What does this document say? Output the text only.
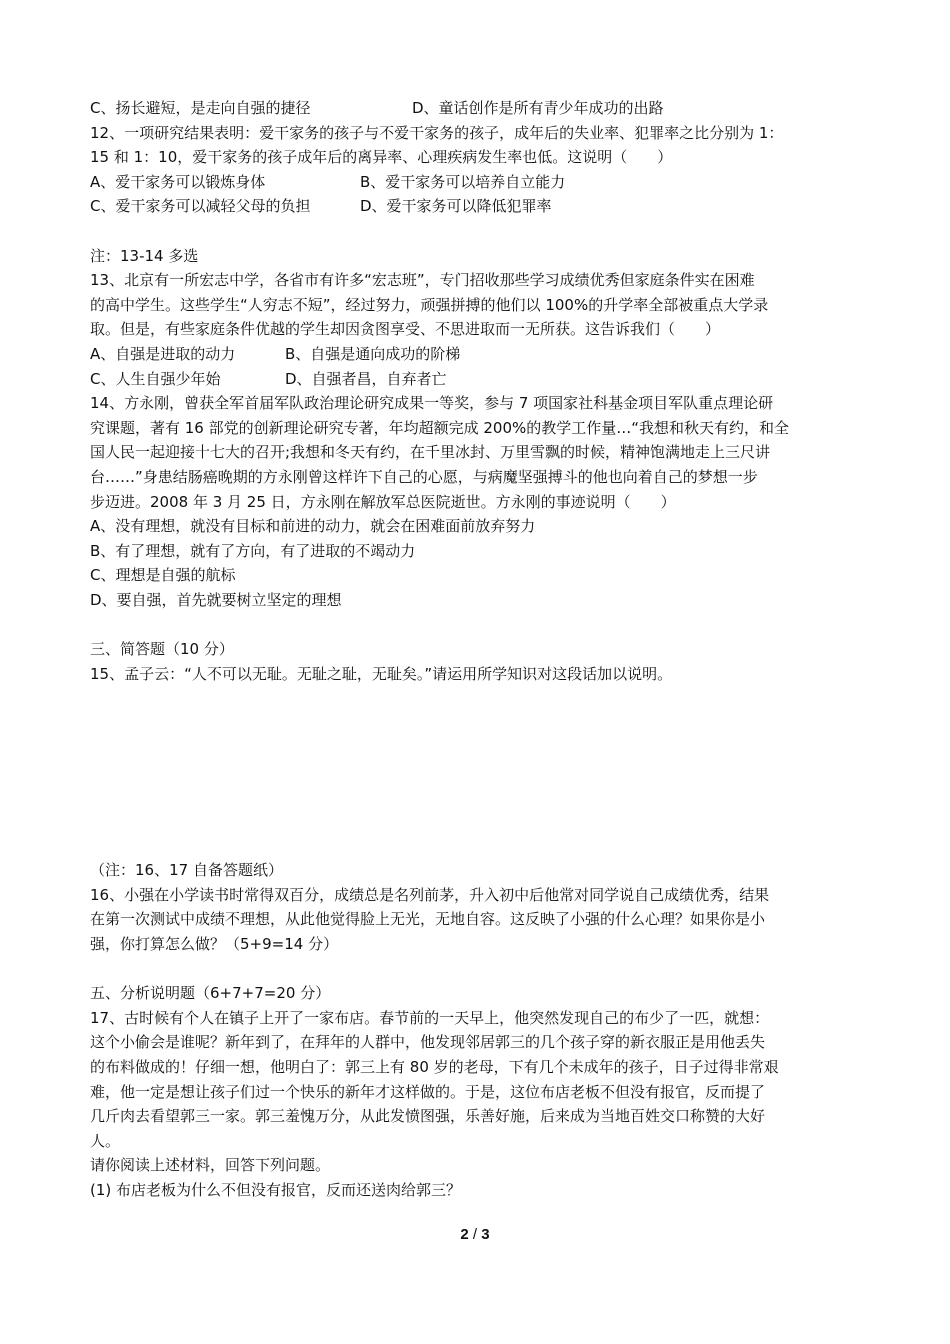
C、扬长避短，是走向自强的捷径	D、童话创作是所有青少年成功的出路
12、一项研究结果表明：爱干家务的孩子与不爱干家务的孩子，成年后的失业率、犯罪率之比分别为 1：
15 和 1：10，爱干家务的孩子成年后的离异率、心理疾病发生率也低。这说明（　　）
A、爱干家务可以锻炼身体	B、爱干家务可以培养自立能力
C、爱干家务可以减轻父母的负担	D、爱干家务可以降低犯罪率
注：13-14 多选
13、北京有一所宏志中学，各省市有许多“宏志班”，专门招收那些学习成绩优秀但家庭条件实在困难
的高中学生。这些学生“人穷志不短”，经过努力，顽强拼搏的他们以 100%的升学率全部被重点大学录
取。但是，有些家庭条件优越的学生却因贪图享受、不思进取而一无所获。这告诉我们（　　）
A、自强是进取的动力	B、自强是通向成功的阶梯
C、人生自强少年始	D、自强者昌，自弃者亡
14、方永刚，曾获全军首届军队政治理论研究成果一等奖，参与 7 项国家社科基金项目军队重点理论研
究课题，著有 16 部党的创新理论研究专著，年均超额完成 200%的教学工作量…“我想和秋天有约，和全
国人民一起迎接十七大的召开;我想和冬天有约，在千里冰封、万里雪飘的时候，精神饱满地走上三尺讲
台……”身患结肠癌晚期的方永刚曾这样许下自己的心愿，与病魔坚强搏斗的他也向着自己的梦想一步
步迈进。2008 年 3 月 25 日，方永刚在解放军总医院逝世。方永刚的事迹说明（　　）
A、没有理想，就没有目标和前进的动力，就会在困难面前放弃努力
B、有了理想，就有了方向，有了进取的不竭动力
C、理想是自强的航标
D、要自强，首先就要树立坚定的理想
三、简答题（10 分）
15、孟子云：“人不可以无耻。无耻之耻，无耻矣。”请运用所学知识对这段话加以说明。
（注：16、17 自备答题纸）
16、小强在小学读书时常得双百分，成绩总是名列前茅，升入初中后他常对同学说自己成绩优秀，结果
在第一次测试中成绩不理想，从此他觉得脸上无光，无地自容。这反映了小强的什么心理？如果你是小
强，你打算怎么做？（5+9=14 分）
五、分析说明题（6+7+7=20 分）
17、古时候有个人在镇子上开了一家布店。春节前的一天早上，他突然发现自己的布少了一匹，就想：
这个小偷会是谁呢？新年到了，在拜年的人群中，他发现邻居郭三的几个孩子穿的新衣服正是用他丢失
的布料做成的！仔细一想，他明白了：郭三上有 80 岁的老母，下有几个未成年的孩子，日子过得非常艰
难，他一定是想让孩子们过一个快乐的新年才这样做的。于是，这位布店老板不但没有报官，反而提了
几斤肉去看望郭三一家。郭三羞愧万分，从此发愤图强，乐善好施，后来成为当地百姓交口称赞的大好
人。
请你阅读上述材料，回答下列问题。
(1) 布店老板为什么不但没有报官，反而还送肉给郭三？
2 / 3
